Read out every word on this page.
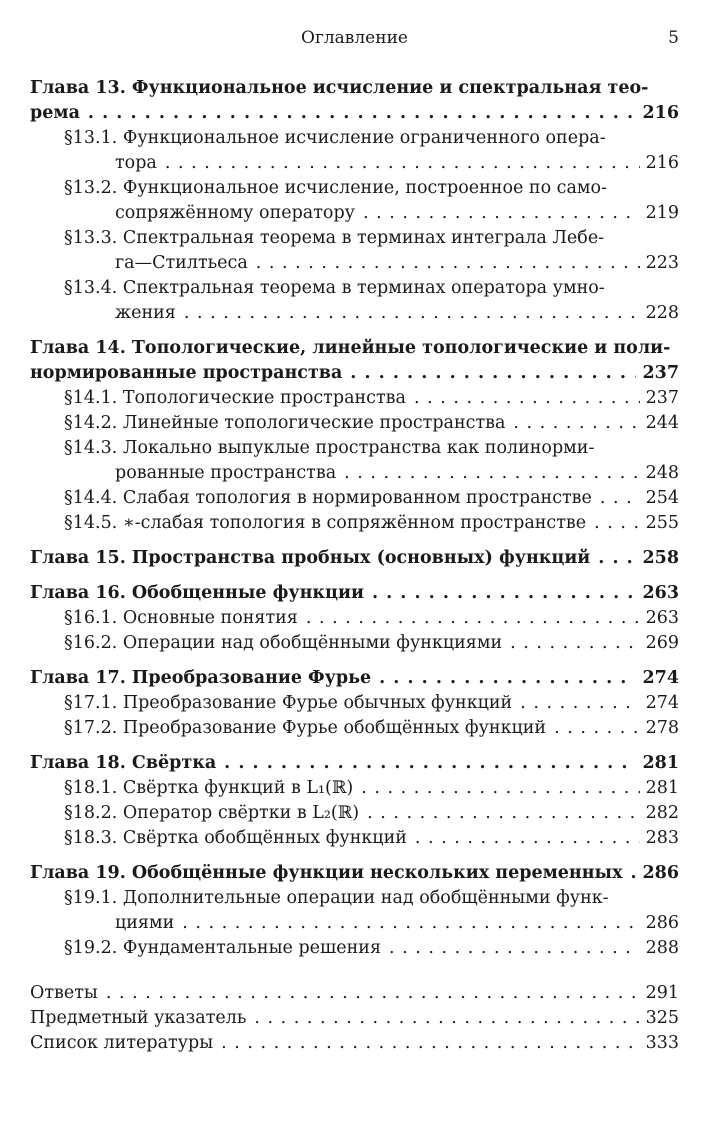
Оглавление	5
Глава 13. Функциональное исчисление и спектральная тео-
рема . . .	216
§13.1. Функциональное исчисление ограниченного опера-
тора . . .	216
§13.2. Функциональное исчисление, построенное по само-
сопряжённому оператору . . .	219
§13.3. Спектральная теорема в терминах интеграла Лебе-
га—Стилтьеса . . .	223
§13.4. Спектральная теорема в терминах оператора умно-
жения . . .	228
Глава 14. Топологические, линейные топологические и поли-
нормированные пространства . . .	237
§14.1. Топологические пространства . . .	237
§14.2. Линейные топологические пространства . . .	244
§14.3. Локально выпуклые пространства как полинорми-
рованные пространства . . .	248
§14.4. Слабая топология в нормированном пространстве . . .	254
§14.5. ∗-слабая топология в сопряжённом пространстве . . .	255
Глава 15. Пространства пробных (основных) функций . . .	258
Глава 16. Обобщенные функции . . .	263
§16.1. Основные понятия . . .	263
§16.2. Операции над обобщёнными функциями . . .	269
Глава 17. Преобразование Фурье . . .	274
§17.1. Преобразование Фурье обычных функций . . .	274
§17.2. Преобразование Фурье обобщённых функций . . .	278
Глава 18. Свёртка . . .	281
§18.1. Свёртка функций в L₁(ℝ) . . .	281
§18.2. Оператор свёртки в L₂(ℝ) . . .	282
§18.3. Свёртка обобщённых функций . . .	283
Глава 19. Обобщённые функции нескольких переменных . . .	286
§19.1. Дополнительные операции над обобщёнными функ-
циями . . .	286
§19.2. Фундаментальные решения . . .	288
Ответы . . .	291
Предметный указатель . . .	325
Список литературы . . .	333
